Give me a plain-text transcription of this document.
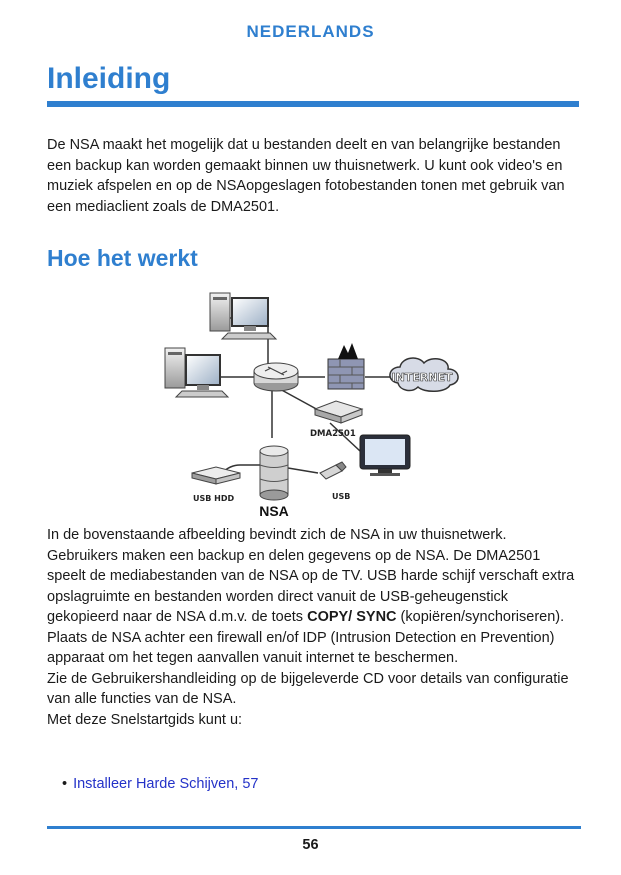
NEDERLANDS
Inleiding

De NSA maakt het mogelijk dat u bestanden deelt en van belangrijke bestanden een backup kan worden gemaakt binnen uw thuisnetwerk. U kunt ook video's en muziek afspelen en op de NSAopgeslagen fotobestanden tonen met gebruik van een mediaclient zoals de DMA2501.

Hoe het werkt
INTERNET
DMA2501
USB HDD	USB
NSA
In de bovenstaande afbeelding bevindt zich de NSA in uw thuisnetwerk. Gebruikers maken een backup en delen gegevens op de NSA. De DMA2501 speelt de mediabestanden van de NSA op de TV. USB harde schijf verschaft extra opslagruimte en bestanden worden direct vanuit de USB-geheugenstick gekopieerd naar de NSA d.m.v. de toets COPY/ SYNC (kopiëren/synchoriseren).
Plaats de NSA achter een firewall en/of IDP (Intrusion Detection en Prevention) apparaat om het tegen aanvallen vanuit internet te beschermen.
Zie de Gebruikershandleiding op de bijgeleverde CD voor details van configuratie van alle functies van de NSA.
Met deze Snelstartgids kunt u:
• Installeer Harde Schijven, 57
56
